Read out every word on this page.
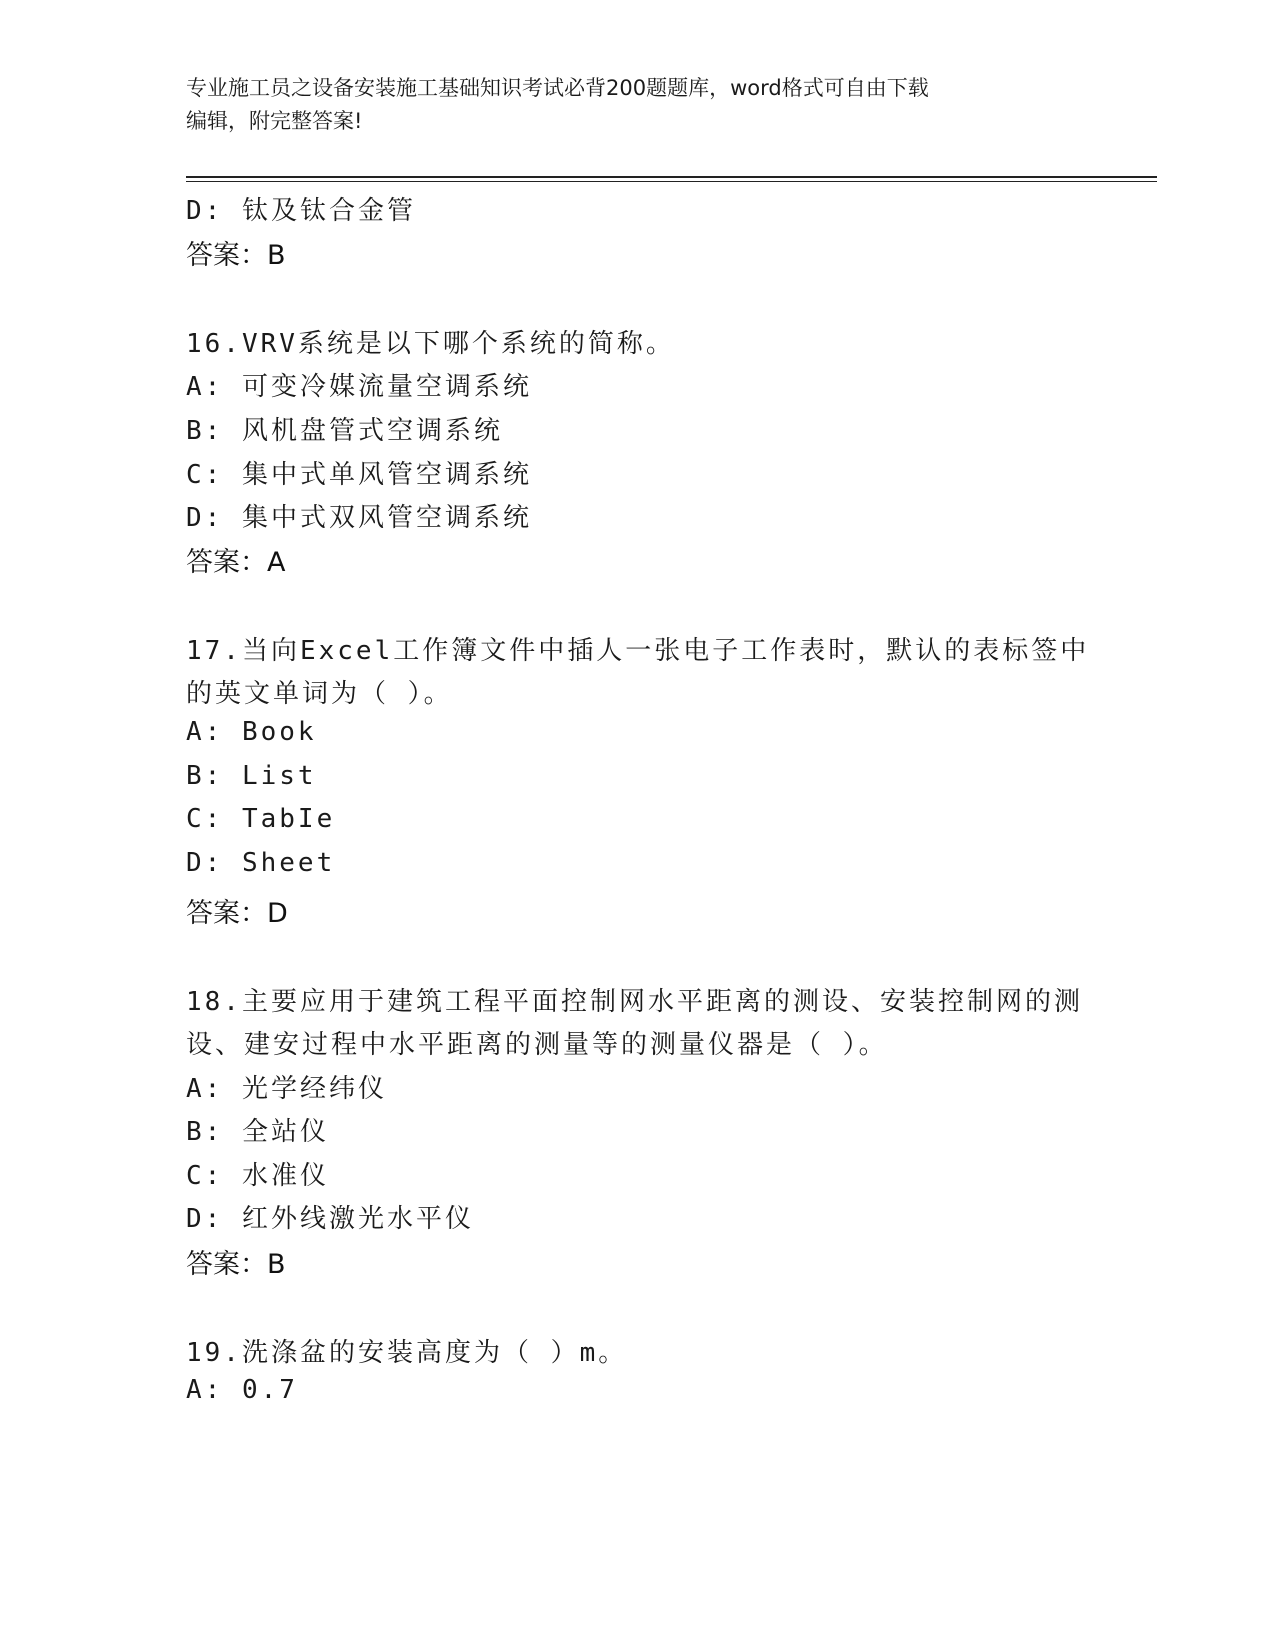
专业施工员之设备安装施工基础知识考试必背200题题库，word格式可自由下载
编辑，附完整答案!
D: 钛及钛合金管
答案：B
16.VRV系统是以下哪个系统的简称。
A: 可变冷媒流量空调系统
B: 风机盘管式空调系统
C: 集中式单风管空调系统
D: 集中式双风管空调系统
答案：A
17.当向Excel工作簿文件中插人一张电子工作表时，默认的表标签中
的英文单词为（ ）。
A: Book
B: List
C: TabIe
D: Sheet
答案：D
18.主要应用于建筑工程平面控制网水平距离的测设、安装控制网的测
设、建安过程中水平距离的测量等的测量仪器是（ ）。
A: 光学经纬仪
B: 全站仪
C: 水准仪
D: 红外线激光水平仪
答案：B
19.洗涤盆的安装高度为（ ）m。
A: 0.7
